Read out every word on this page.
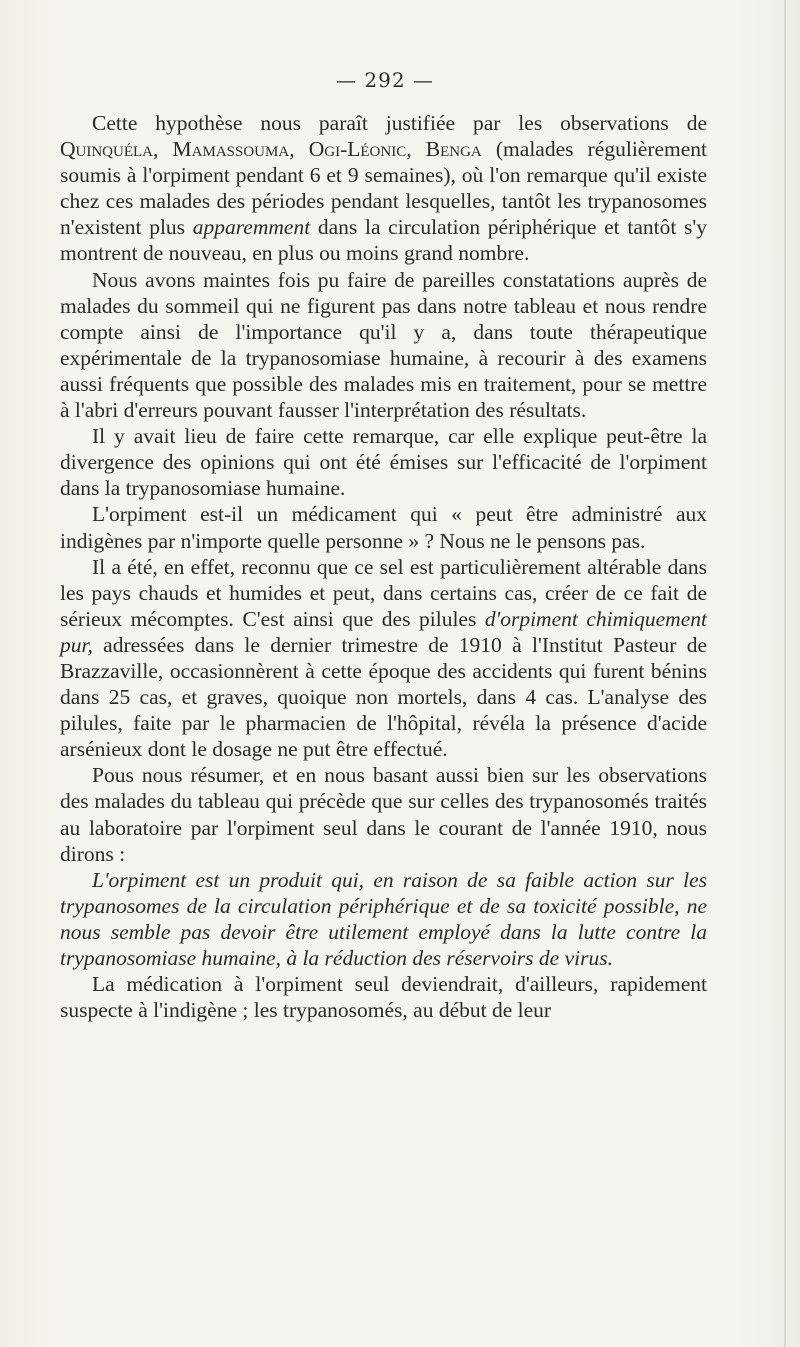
— 292 —

Cette hypothèse nous paraît justifiée par les observations de Quinquéla, Mamassouma, Ogi-Léonic, Benga (malades régulièrement soumis à l'orpiment pendant 6 et 9 semaines), où l'on remarque qu'il existe chez ces malades des périodes pendant lesquelles, tantôt les trypanosomes n'existent plus apparemment dans la circulation périphérique et tantôt s'y montrent de nouveau, en plus ou moins grand nombre.

Nous avons maintes fois pu faire de pareilles constatations auprès de malades du sommeil qui ne figurent pas dans notre tableau et nous rendre compte ainsi de l'importance qu'il y a, dans toute thérapeutique expérimentale de la trypanosomiase humaine, à recourir à des examens aussi fréquents que possible des malades mis en traitement, pour se mettre à l'abri d'erreurs pouvant fausser l'interprétation des résultats.

Il y avait lieu de faire cette remarque, car elle explique peut-être la divergence des opinions qui ont été émises sur l'efficacité de l'orpiment dans la trypanosomiase humaine.

L'orpiment est-il un médicament qui « peut être administré aux indigènes par n'importe quelle personne » ? Nous ne le pensons pas.

Il a été, en effet, reconnu que ce sel est particulièrement altérable dans les pays chauds et humides et peut, dans certains cas, créer de ce fait de sérieux mécomptes. C'est ainsi que des pilules d'orpiment chimiquement pur, adressées dans le dernier trimestre de 1910 à l'Institut Pasteur de Brazzaville, occasionnèrent à cette époque des accidents qui furent bénins dans 25 cas, et graves, quoique non mortels, dans 4 cas. L'analyse des pilules, faite par le pharmacien de l'hôpital, révéla la présence d'acide arsénieux dont le dosage ne put être effectué.

Pous nous résumer, et en nous basant aussi bien sur les observations des malades du tableau qui précède que sur celles des trypanosomés traités au laboratoire par l'orpiment seul dans le courant de l'année 1910, nous dirons :

L'orpiment est un produit qui, en raison de sa faible action sur les trypanosomes de la circulation périphérique et de sa toxicité possible, ne nous semble pas devoir être utilement employé dans la lutte contre la trypanosomiase humaine, à la réduction des réservoirs de virus.

La médication à l'orpiment seul deviendrait, d'ailleurs, rapidement suspecte à l'indigène ; les trypanosomés, au début de leur
